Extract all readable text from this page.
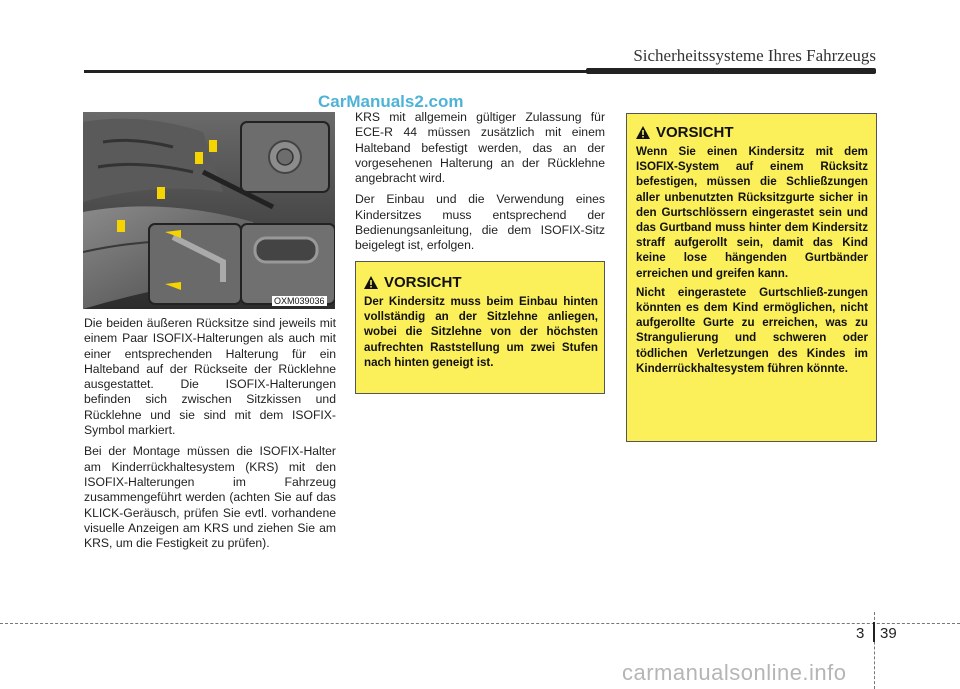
Sicherheitssysteme Ihres Fahrzeugs
CarManuals2.com
OXM039036

Die beiden äußeren Rücksitze sind jeweils mit einem Paar ISOFIX-Halterungen als auch mit einer entsprechenden Halterung für ein Halteband auf der Rückseite der Rücklehne ausgestattet. Die ISOFIX-Halterungen befinden sich zwischen Sitzkissen und Rücklehne und sie sind mit dem ISOFIX-Symbol markiert.

Bei der Montage müssen die ISOFIX-Halter am Kinderrückhaltesystem (KRS) mit den ISOFIX-Halterungen im Fahrzeug zusammengeführt werden (achten Sie auf das KLICK-Geräusch, prüfen Sie evtl. vorhandene visuelle Anzeigen am KRS und ziehen Sie am KRS, um die Festigkeit zu prüfen).

KRS mit allgemein gültiger Zulassung für ECE-R 44 müssen zusätzlich mit einem Halteband befestigt werden, das an der vorgesehenen Halterung an der Rücklehne angebracht wird.

Der Einbau und die Verwendung eines Kindersitzes muss entsprechend der Bedienungsanleitung, die dem ISOFIX-Sitz beigelegt ist, erfolgen.

VORSICHT

Der Kindersitz muss beim Einbau hinten vollständig an der Sitzlehne anliegen, wobei die Sitzlehne von der höchsten aufrechten Raststellung um zwei Stufen nach hinten geneigt ist.

VORSICHT

Wenn Sie einen Kindersitz mit dem ISOFIX-System auf einem Rücksitz befestigen, müssen die Schließzungen aller unbenutzten Rücksitzgurte sicher in den Gurtschlössern eingerastet sein und das Gurtband muss hinter dem Kindersitz straff aufgerollt sein, damit das Kind keine lose hängenden Gurtbänder erreichen und greifen kann.

Nicht eingerastete Gurtschließ-zungen könnten es dem Kind ermöglichen, nicht aufgerollte Gurte zu erreichen, was zu Strangulierung und schweren oder tödlichen Verletzungen des Kindes im Kinderrückhaltesystem führen könnte.

3 39
carmanualsonline.info
